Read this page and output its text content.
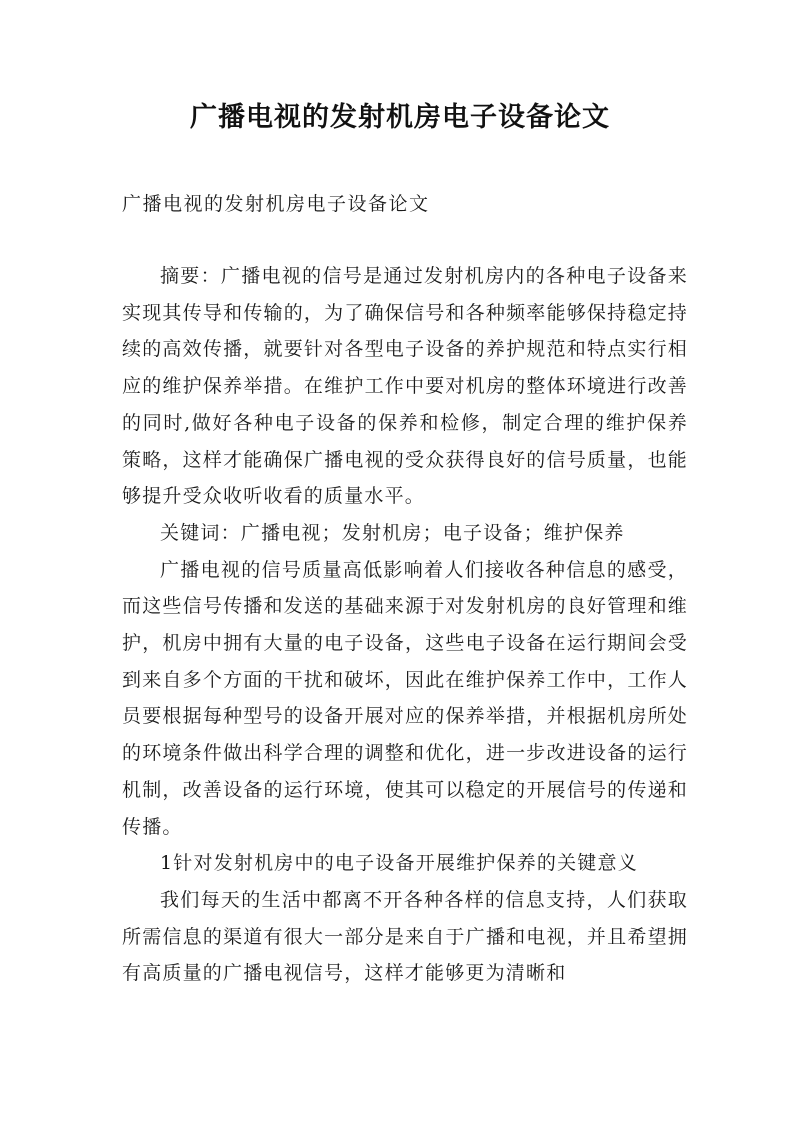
广播电视的发射机房电子设备论文
广播电视的发射机房电子设备论文

摘要：广播电视的信号是通过发射机房内的各种电子设备来实现其传导和传输的，为了确保信号和各种频率能够保持稳定持续的高效传播，就要针对各型电子设备的养护规范和特点实行相应的维护保养举措。在维护工作中要对机房的整体环境进行改善的同时,做好各种电子设备的保养和检修，制定合理的维护保养策略，这样才能确保广播电视的受众获得良好的信号质量，也能够提升受众收听收看的质量水平。

关键词：广播电视；发射机房；电子设备；维护保养

广播电视的信号质量高低影响着人们接收各种信息的感受，而这些信号传播和发送的基础来源于对发射机房的良好管理和维护，机房中拥有大量的电子设备，这些电子设备在运行期间会受到来自多个方面的干扰和破坏，因此在维护保养工作中，工作人员要根据每种型号的设备开展对应的保养举措，并根据机房所处的环境条件做出科学合理的调整和优化，进一步改进设备的运行机制，改善设备的运行环境，使其可以稳定的开展信号的传递和传播。

1针对发射机房中的电子设备开展维护保养的关键意义

我们每天的生活中都离不开各种各样的信息支持，人们获取所需信息的渠道有很大一部分是来自于广播和电视，并且希望拥有高质量的广播电视信号，这样才能够更为清晰和
